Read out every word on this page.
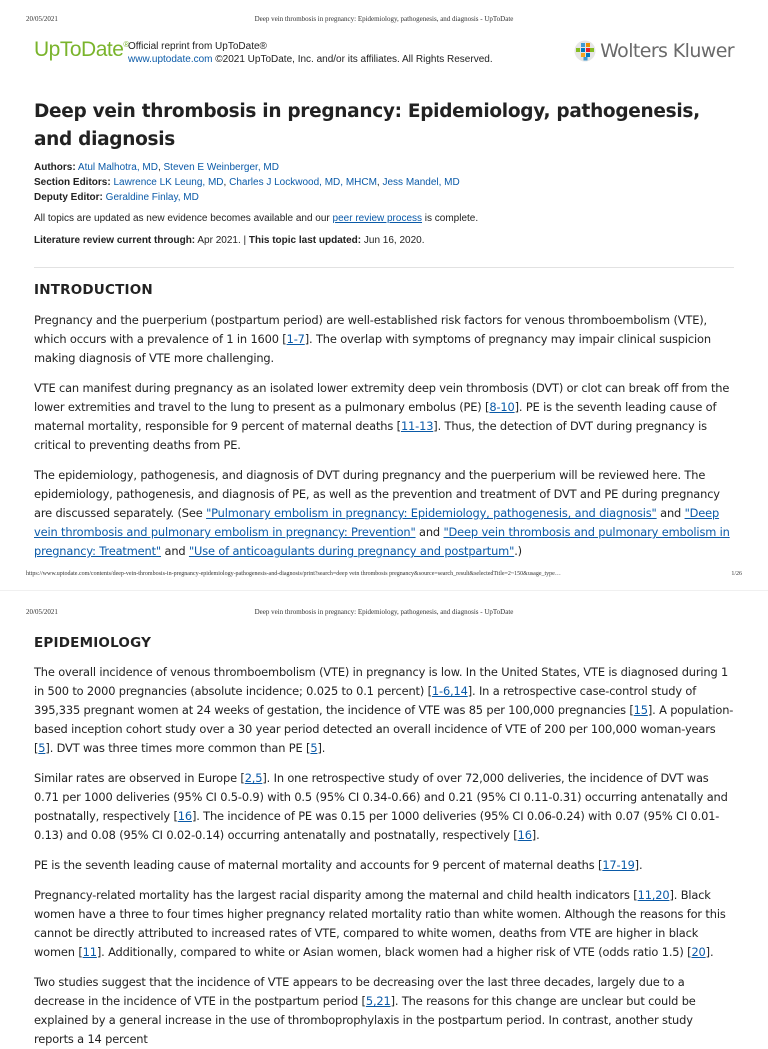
20/05/2021	Deep vein thrombosis in pregnancy: Epidemiology, pathogenesis, and diagnosis - UpToDate
UpToDate® Official reprint from UpToDate®
www.uptodate.com ©2021 UpToDate, Inc. and/or its affiliates. All Rights Reserved.	Wolters Kluwer
Deep vein thrombosis in pregnancy: Epidemiology, pathogenesis, and diagnosis
Authors: Atul Malhotra, MD, Steven E Weinberger, MD
Section Editors: Lawrence LK Leung, MD, Charles J Lockwood, MD, MHCM, Jess Mandel, MD
Deputy Editor: Geraldine Finlay, MD
All topics are updated as new evidence becomes available and our peer review process is complete.
Literature review current through: Apr 2021. | This topic last updated: Jun 16, 2020.
INTRODUCTION

Pregnancy and the puerperium (postpartum period) are well-established risk factors for venous thromboembolism (VTE), which occurs with a prevalence of 1 in 1600 [1-7]. The overlap with symptoms of pregnancy may impair clinical suspicion making diagnosis of VTE more challenging.

VTE can manifest during pregnancy as an isolated lower extremity deep vein thrombosis (DVT) or clot can break off from the lower extremities and travel to the lung to present as a pulmonary embolus (PE) [8-10]. PE is the seventh leading cause of maternal mortality, responsible for 9 percent of maternal deaths [11-13]. Thus, the detection of DVT during pregnancy is critical to preventing deaths from PE.

The epidemiology, pathogenesis, and diagnosis of DVT during pregnancy and the puerperium will be reviewed here. The epidemiology, pathogenesis, and diagnosis of PE, as well as the prevention and treatment of DVT and PE during pregnancy are discussed separately. (See "Pulmonary embolism in pregnancy: Epidemiology, pathogenesis, and diagnosis" and "Deep vein thrombosis and pulmonary embolism in pregnancy: Prevention" and "Deep vein thrombosis and pulmonary embolism in pregnancy: Treatment" and "Use of anticoagulants during pregnancy and postpartum".)

https://www.uptodate.com/contents/deep-vein-thrombosis-in-pregnancy-epidemiology-pathogenesis-and-diagnosis/print?search=deep vein thrombosis pregnancy&source=search_result&selectedTitle=2~150&usage_type…	1/26
20/05/2021	Deep vein thrombosis in pregnancy: Epidemiology, pathogenesis, and diagnosis - UpToDate
EPIDEMIOLOGY

The overall incidence of venous thromboembolism (VTE) in pregnancy is low. In the United States, VTE is diagnosed during 1 in 500 to 2000 pregnancies (absolute incidence; 0.025 to 0.1 percent) [1-6,14]. In a retrospective case-control study of 395,335 pregnant women at 24 weeks of gestation, the incidence of VTE was 85 per 100,000 pregnancies [15]. A population-based inception cohort study over a 30 year period detected an overall incidence of VTE of 200 per 100,000 woman-years [5]. DVT was three times more common than PE [5].

Similar rates are observed in Europe [2,5]. In one retrospective study of over 72,000 deliveries, the incidence of DVT was 0.71 per 1000 deliveries (95% CI 0.5-0.9) with 0.5 (95% CI 0.34-0.66) and 0.21 (95% CI 0.11-0.31) occurring antenatally and postnatally, respectively [16]. The incidence of PE was 0.15 per 1000 deliveries (95% CI 0.06-0.24) with 0.07 (95% CI 0.01-0.13) and 0.08 (95% CI 0.02-0.14) occurring antenatally and postnatally, respectively [16].

PE is the seventh leading cause of maternal mortality and accounts for 9 percent of maternal deaths [17-19].

Pregnancy-related mortality has the largest racial disparity among the maternal and child health indicators [11,20]. Black women have a three to four times higher pregnancy related mortality ratio than white women. Although the reasons for this cannot be directly attributed to increased rates of VTE, compared to white women, deaths from VTE are higher in black women [11]. Additionally, compared to white or Asian women, black women had a higher risk of VTE (odds ratio 1.5) [20].

Two studies suggest that the incidence of VTE appears to be decreasing over the last three decades, largely due to a decrease in the incidence of VTE in the postpartum period [5,21]. The reasons for this change are unclear but could be explained by a general increase in the use of thromboprophylaxis in the postpartum period. In contrast, another study reports a 14 percent
